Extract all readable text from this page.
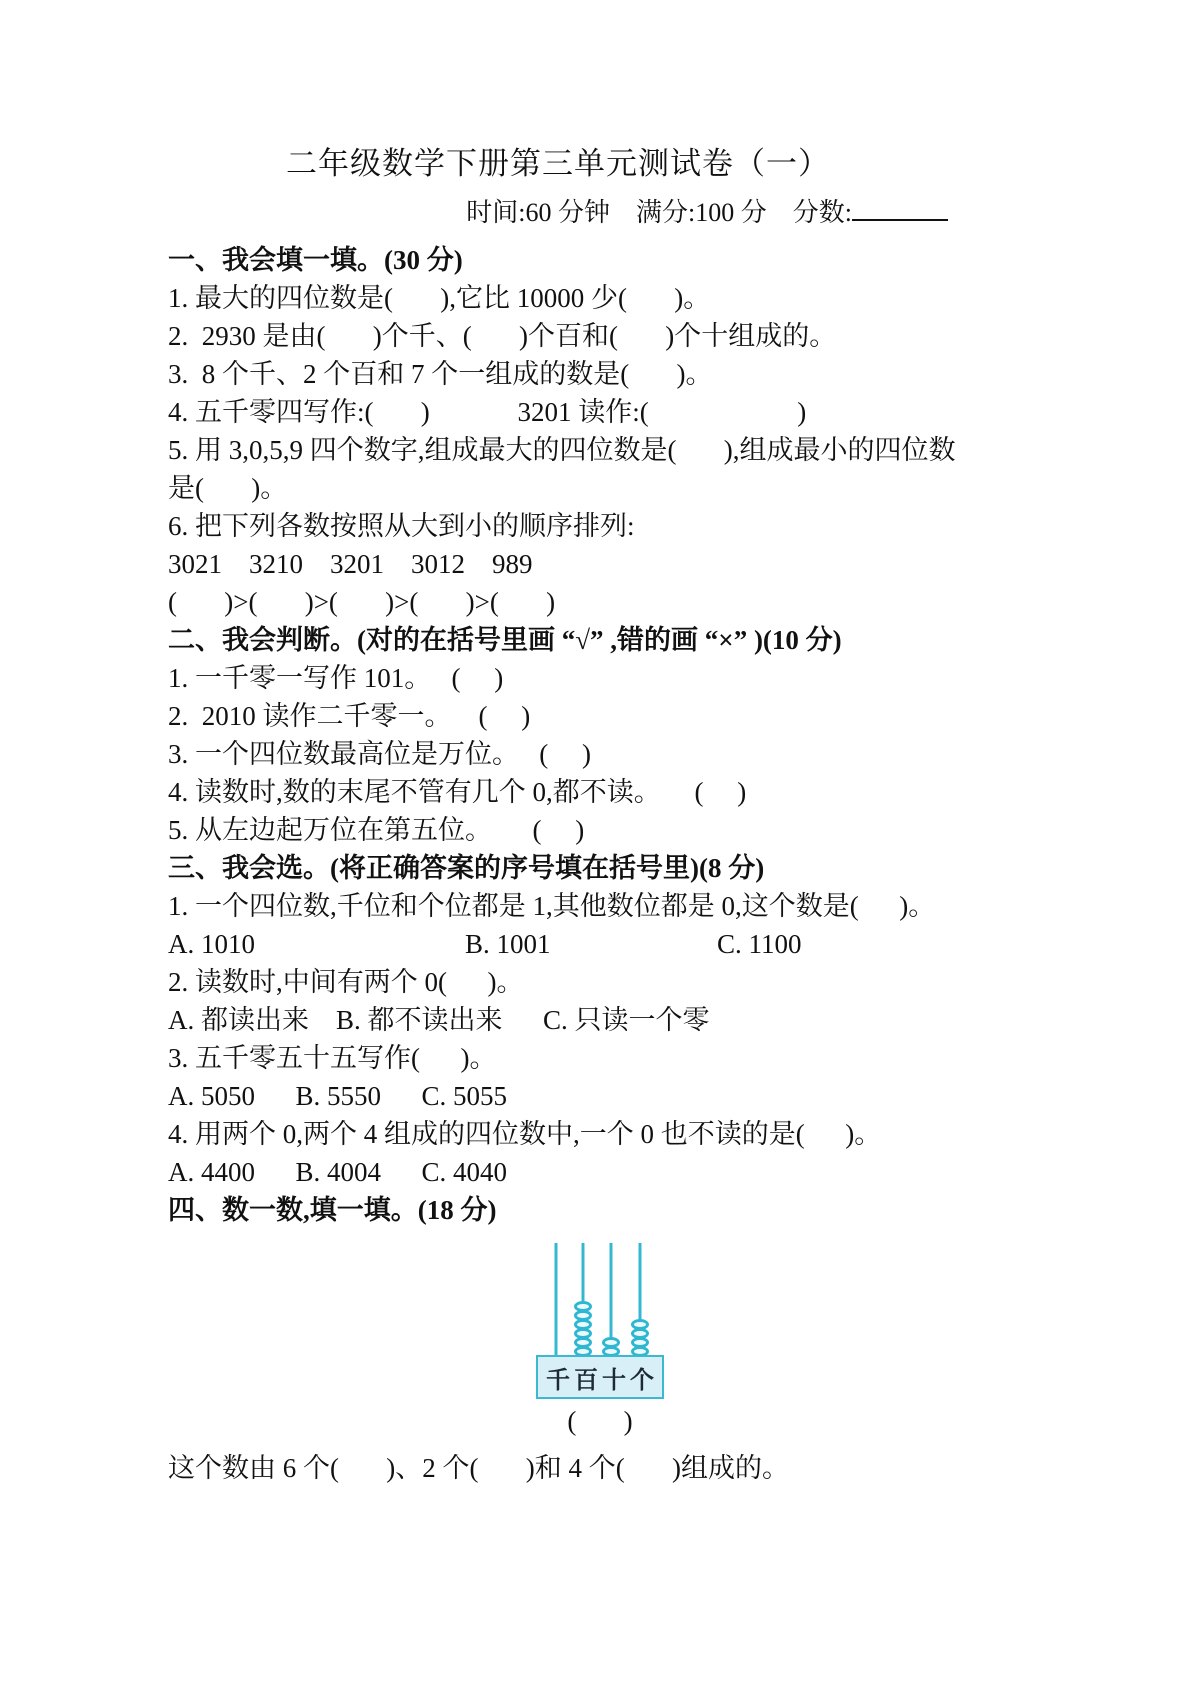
二年级数学下册第三单元测试卷（一）
时间:60 分钟 满分:100 分 分数:
一、我会填一填。(30 分)
1. 最大的四位数是(       ),它比 10000 少(       )。
2.  2930 是由(       )个千、(       )个百和(       )个十组成的。
3.  8 个千、2 个百和 7 个一组成的数是(       )。
4. 五千零四写作:(       )             3201 读作:(                      )
5. 用 3,0,5,9 四个数字,组成最大的四位数是(       ),组成最小的四位数
是(       )。
6. 把下列各数按照从大到小的顺序排列:
3021    3210    3201    3012    989
(       )>(       )>(       )>(       )>(       )
二、我会判断。(对的在括号里画 “√” ,错的画 “×” )(10 分)
1. 一千零一写作 101。   (     )
2.  2010 读作二千零一。    (     )
3. 一个四位数最高位是万位。   (     )
4. 读数时,数的末尾不管有几个 0,都不读。     (     )
5. 从左边起万位在第五位。      (     )
三、我会选。(将正确答案的序号填在括号里)(8 分)
1. 一个四位数,千位和个位都是 1,其他数位都是 0,这个数是(      )。
A. 1010	B. 1001	C. 1100
2. 读数时,中间有两个 0(      )。
A. 都读出来    B. 都不读出来      C. 只读一个零
3. 五千零五十五写作(      )。
A. 5050      B. 5550      C. 5055
4. 用两个 0,两个 4 组成的四位数中,一个 0 也不读的是(      )。
A. 4400      B. 4004      C. 4040
四、数一数,填一填。(18 分)
千 百 十 个
(       )
这个数由 6 个(       )、2 个(       )和 4 个(       )组成的。
